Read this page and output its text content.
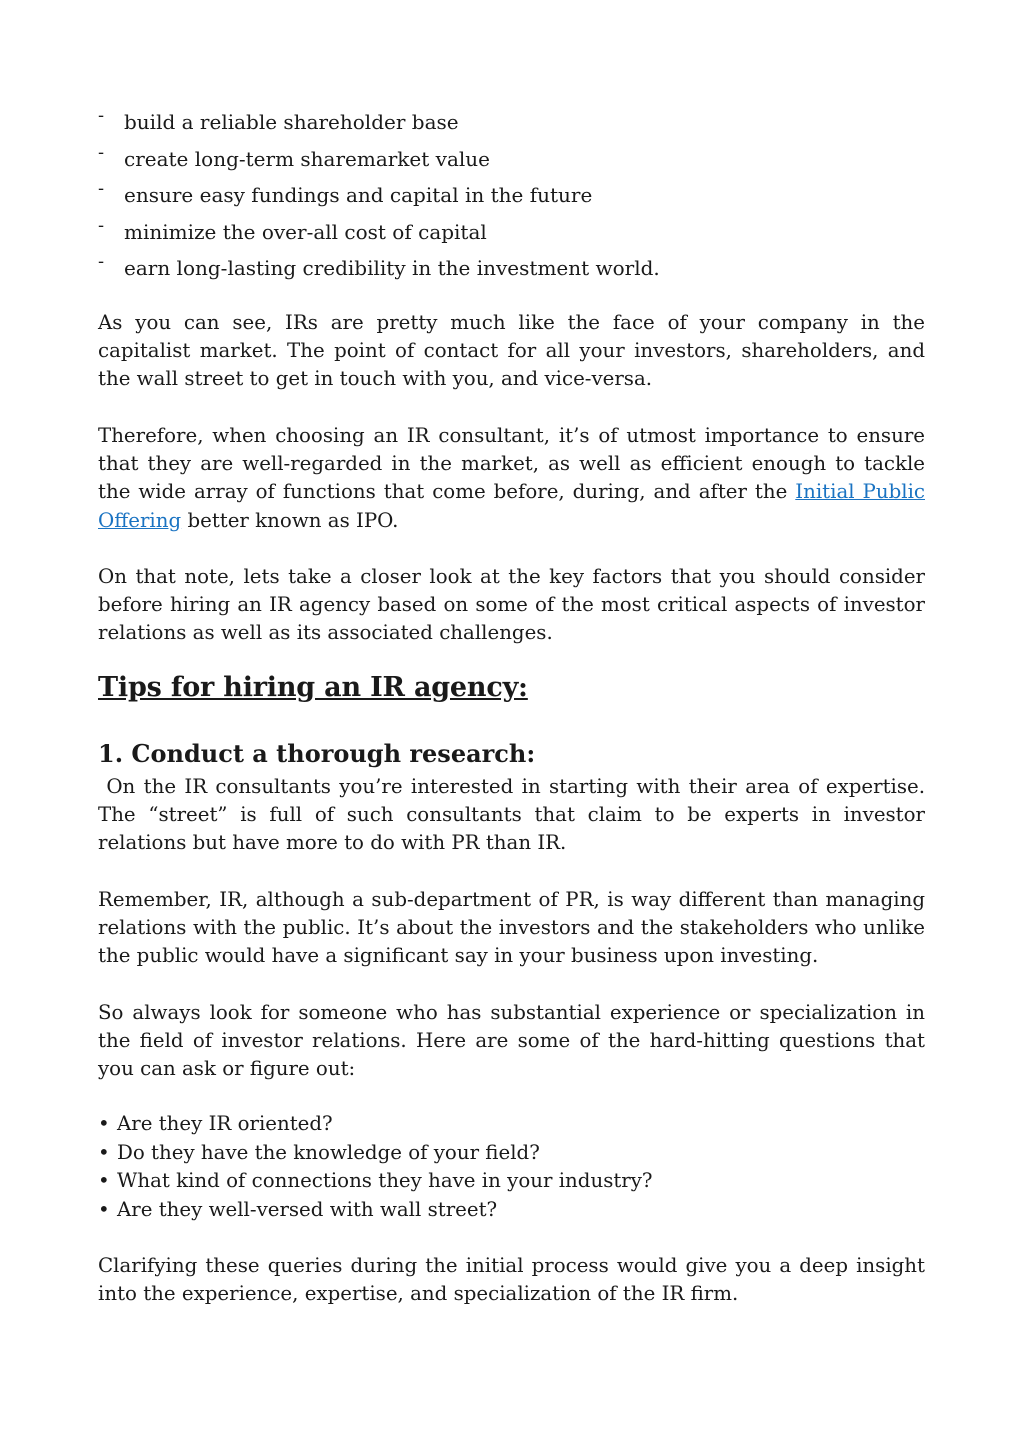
- build a reliable shareholder base
- create long-term sharemarket value
- ensure easy fundings and capital in the future
- minimize the over-all cost of capital
- earn long-lasting credibility in the investment world.

As you can see, IRs are pretty much like the face of your company in the capitalist market. The point of contact for all your investors, shareholders, and the wall street to get in touch with you, and vice-versa.

Therefore, when choosing an IR consultant, it’s of utmost importance to ensure that they are well-regarded in the market, as well as efficient enough to tackle the wide array of functions that come before, during, and after the Initial Public Offering better known as IPO.

On that note, lets take a closer look at the key factors that you should consider before hiring an IR agency based on some of the most critical aspects of investor relations as well as its associated challenges.

Tips for hiring an IR agency:
1. Conduct a thorough research:

On the IR consultants you’re interested in starting with their area of expertise. The “street” is full of such consultants that claim to be experts in investor relations but have more to do with PR than IR.

Remember, IR, although a sub-department of PR, is way different than managing relations with the public. It’s about the investors and the stakeholders who unlike the public would have a significant say in your business upon investing.

So always look for someone who has substantial experience or specialization in the field of investor relations. Here are some of the hard-hitting questions that you can ask or figure out:

• Are they IR oriented?
• Do they have the knowledge of your field?
• What kind of connections they have in your industry?
• Are they well-versed with wall street?

Clarifying these queries during the initial process would give you a deep insight into the experience, expertise, and specialization of the IR firm.
